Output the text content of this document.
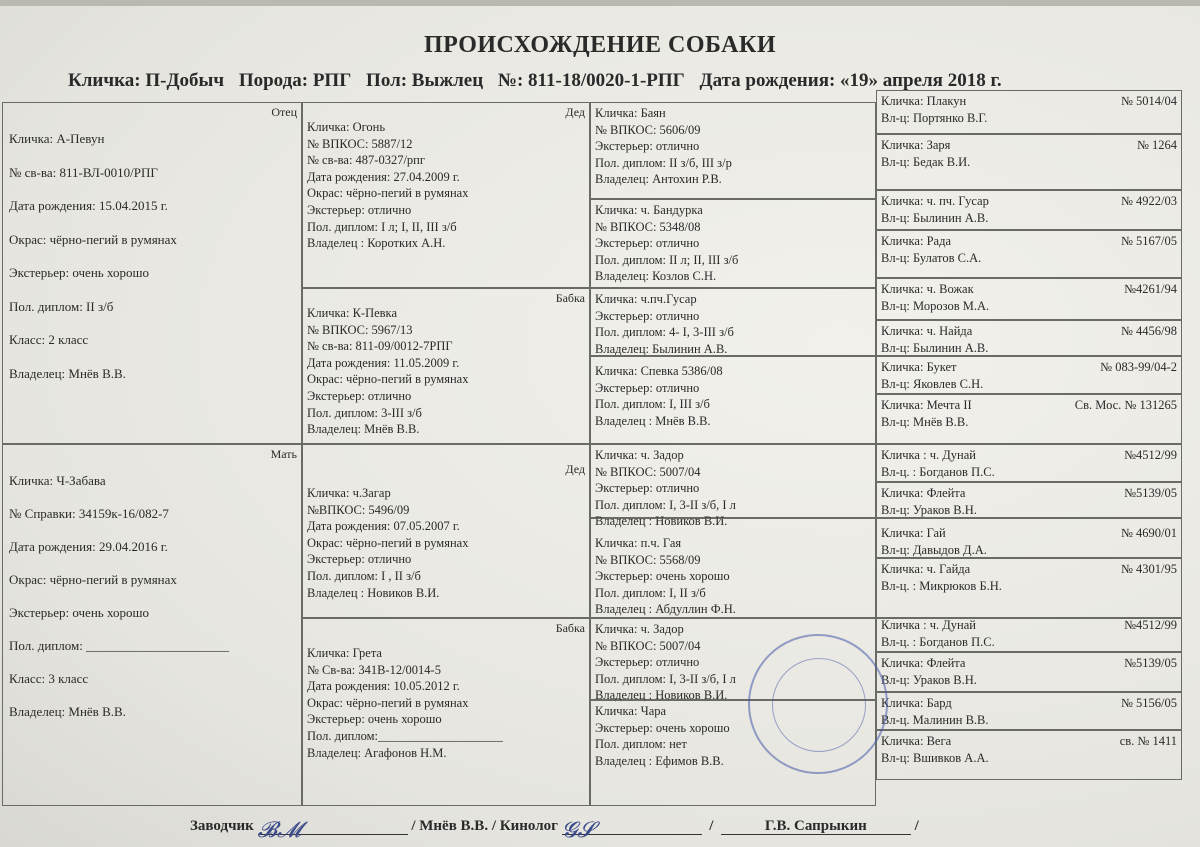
ПРОИСХОЖДЕНИЕ СОБАКИ
Кличка: П-Добыч Порода: РПГ Пол: Выжлец №: 811-18/0020-1-РПГ Дата рождения: «19» апреля 2018 г.
Отец
Кличка: А-Певун
№ св-ва: 811-ВЛ-0010/РПГ
Дата рождения: 15.04.2015 г.
Окрас: чёрно-пегий в румянах
Экстерьер: очень хорошо
Пол. диплом: II з/б
Класс: 2 класс
Владелец: Мнёв В.В.
Мать
Кличка: Ч-Забава
№ Справки: 34159к-16/082-7
Дата рождения: 29.04.2016 г.
Окрас: чёрно-пегий в румянах
Экстерьер: очень хорошо
Пол. диплом: ______________________
Класс: 3 класс
Владелец: Мнёв В.В.
Дед
Кличка: Огонь
№ ВПКОС: 5887/12
№ св-ва: 487-0327/рпг
Дата рождения: 27.04.2009 г.
Окрас: чёрно-пегий в румянах
Экстерьер: отлично
Пол. диплом: I л; I, II, III з/б
Владелец : Коротких А.Н.
Бабка
Кличка: К-Певка
№ ВПКОС: 5967/13
№ св-ва: 811-09/0012-7РПГ
Дата рождения: 11.05.2009 г.
Окрас: чёрно-пегий в румянах
Экстерьер: отлично
Пол. диплом: 3-III з/б
Владелец: Мнёв В.В.
Дед
Кличка: ч.Загар
№ВПКОС: 5496/09
Дата рождения: 07.05.2007 г.
Окрас: чёрно-пегий в румянах
Экстерьер: отлично
Пол. диплом: I , II з/б
Владелец : Новиков В.И.
Бабка
Кличка: Грета
№ Св-ва: 341В-12/0014-5
Дата рождения: 10.05.2012 г.
Окрас: чёрно-пегий в румянах
Экстерьер: очень хорошо
Пол. диплом:____________________
Владелец: Агафонов Н.М.
Кличка: Баян
№ ВПКОС: 5606/09
Экстерьер: отлично
Пол. диплом: II з/б, III з/р
Владелец: Антохин Р.В.
Кличка: ч. Бандурка
№ ВПКОС: 5348/08
Экстерьер: отлично
Пол. диплом: II л; II, III з/б
Владелец: Козлов С.Н.
Кличка: ч.пч.Гусар
Экстерьер: отлично
Пол. диплом: 4- I, 3-III з/б
Владелец: Былинин А.В.
Кличка: Спевка 5386/08
Экстерьер: отлично
Пол. диплом: I, III з/б
Владелец : Мнёв В.В.
Кличка: ч. Задор
№ ВПКОС: 5007/04
Экстерьер: отлично
Пол. диплом: I, 3-II з/б, I л
Владелец : Новиков В.И.
Кличка: п.ч. Гая
№ ВПКОС: 5568/09
Экстерьер: очень хорошо
Пол. диплом: I, II з/б
Владелец : Абдуллин Ф.Н.
Кличка: ч. Задор
№ ВПКОС: 5007/04
Экстерьер: отлично
Пол. диплом: I, 3-II з/б, I л
Владелец : Новиков В.И.
Кличка: Чара
Экстерьер: очень хорошо
Пол. диплом: нет
Владелец : Ефимов В.В.
Кличка: Плакун	№ 5014/04
Вл-ц: Портянко В.Г.
Кличка: Заря	№ 1264
Вл-ц: Бедак В.И.
Кличка: ч. пч. Гусар	№ 4922/03
Вл-ц: Былинин А.В.
Кличка: Рада	№ 5167/05
Вл-ц: Булатов С.А.
Кличка: ч. Вожак	№4261/94
Вл-ц: Морозов М.А.
Кличка: ч. Найда	№ 4456/98
Вл-ц: Былинин А.В.
Кличка: Букет	№ 083-99/04-2
Вл-ц: Яковлев С.Н.
Кличка: Мечта II	Св. Мос. № 131265
Вл-ц: Мнёв В.В.
Кличка : ч. Дунай	№4512/99
Вл-ц. : Богданов П.С.
Кличка: Флейта	№5139/05
Вл-ц: Ураков В.Н.
Кличка: Гай	№ 4690/01
Вл-ц: Давыдов Д.А.
Кличка: ч. Гайда	№ 4301/95
Вл-ц. : Микрюков Б.Н.
Кличка : ч. Дунай	№4512/99
Вл-ц. : Богданов П.С.
Кличка: Флейта	№5139/05
Вл-ц: Ураков В.Н.
Кличка: Бард	№ 5156/05
Вл-ц. Малинин В.В.
Кличка: Вега	св. № 1411
Вл-ц: Вшивков А.А.
Заводчик 𝓑𝓜	/ Мнёв В.В. / Кинолог 𝓖𝓢	/	Г.В. Сапрыкин	/
